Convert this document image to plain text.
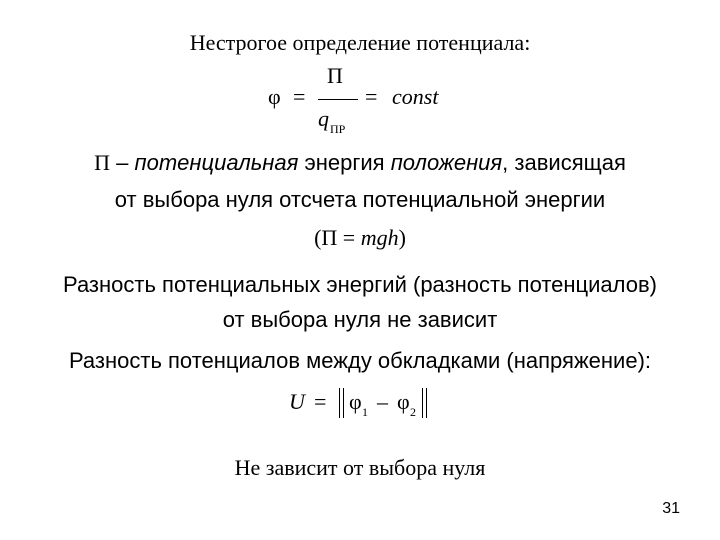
Нестрогое определение потенциала:
φ =
Π
q ПР
= const
Π – потенциальная энергия положения, зависящая
от выбора нуля отсчета потенциальной энергии
(Π = mgh)
Разность потенциальных энергий (разность потенциалов)
от выбора нуля не зависит
Разность потенциалов между обкладками (напряжение):
U = φ 1 – φ 2
Не зависит от выбора нуля
31
